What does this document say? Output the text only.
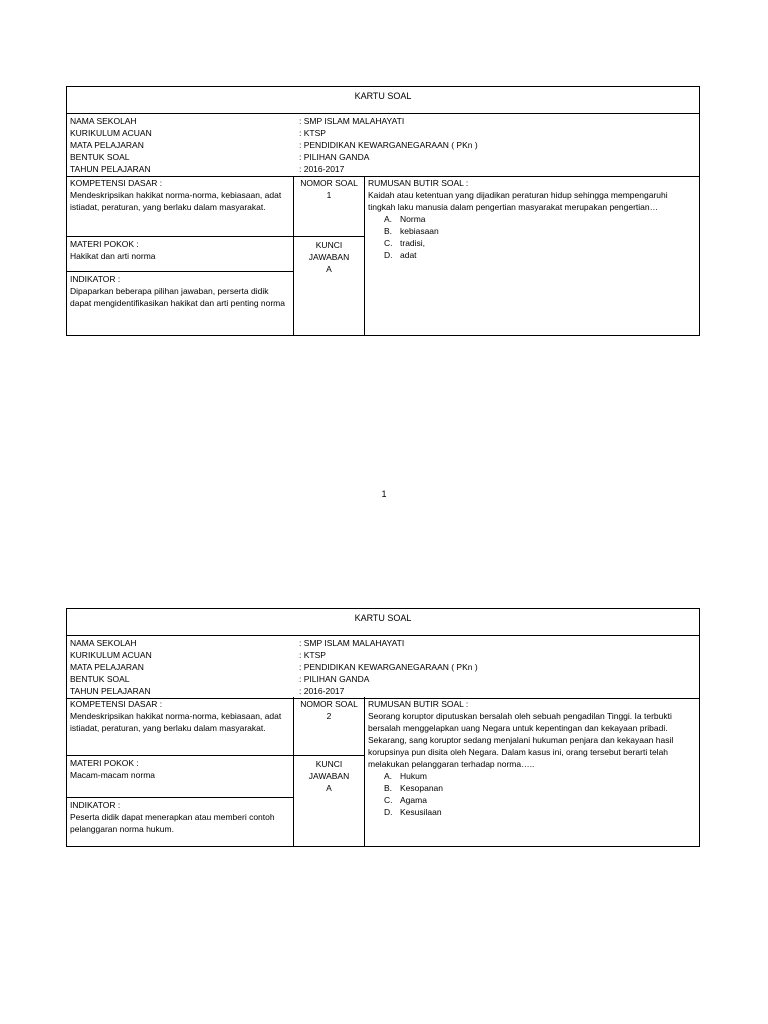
KARTU SOAL
NAMA SEKOLAH
KURIKULUM ACUAN
MATA PELAJARAN
BENTUK SOAL
TAHUN PELAJARAN
: SMP ISLAM MALAHAYATI
: KTSP
: PENDIDIKAN KEWARGANEGARAAN ( PKn )
: PILIHAN GANDA
: 2016-2017
KOMPETENSI DASAR :
Mendeskripsikan hakikat norma-norma, kebiasaan, adat istiadat, peraturan, yang berlaku dalam masyarakat.
MATERI POKOK :
Hakikat dan arti norma
INDIKATOR :
Dipaparkan beberapa pilihan jawaban, perserta didik dapat mengidentifikasikan hakikat dan arti penting norma
NOMOR SOAL
1
KUNCI
JAWABAN
A
RUMUSAN BUTIR SOAL :
Kaidah atau ketentuan yang dijadikan peraturan hidup sehingga mempengaruhi tingkah laku manusia dalam pengertian masyarakat merupakan pengertian…
A. Norma
B. kebiasaan
C. tradisi,
D. adat
1
KARTU SOAL
NAMA SEKOLAH
KURIKULUM ACUAN
MATA PELAJARAN
BENTUK SOAL
TAHUN PELAJARAN
: SMP ISLAM MALAHAYATI
: KTSP
: PENDIDIKAN KEWARGANEGARAAN ( PKn )
: PILIHAN GANDA
: 2016-2017
KOMPETENSI DASAR :
Mendeskripsikan hakikat norma-norma, kebiasaan, adat istiadat, peraturan, yang berlaku dalam masyarakat.
MATERI POKOK :
Macam-macam norma
INDIKATOR :
Peserta didik dapat menerapkan atau memberi contoh pelanggaran norma hukum.
NOMOR SOAL
2
KUNCI
JAWABAN
A
RUMUSAN BUTIR SOAL :
Seorang koruptor diputuskan bersalah oleh sebuah pengadilan Tinggi. Ia terbukti bersalah menggelapkan uang Negara untuk kepentingan dan kekayaan pribadi. Sekarang, sang koruptor sedang menjalani hukuman penjara dan kekayaan hasil korupsinya pun disita oleh Negara. Dalam kasus ini, orang tersebut berarti telah melakukan pelanggaran terhadap norma…..
A. Hukum
B. Kesopanan
C. Agama
D. Kesusilaan
